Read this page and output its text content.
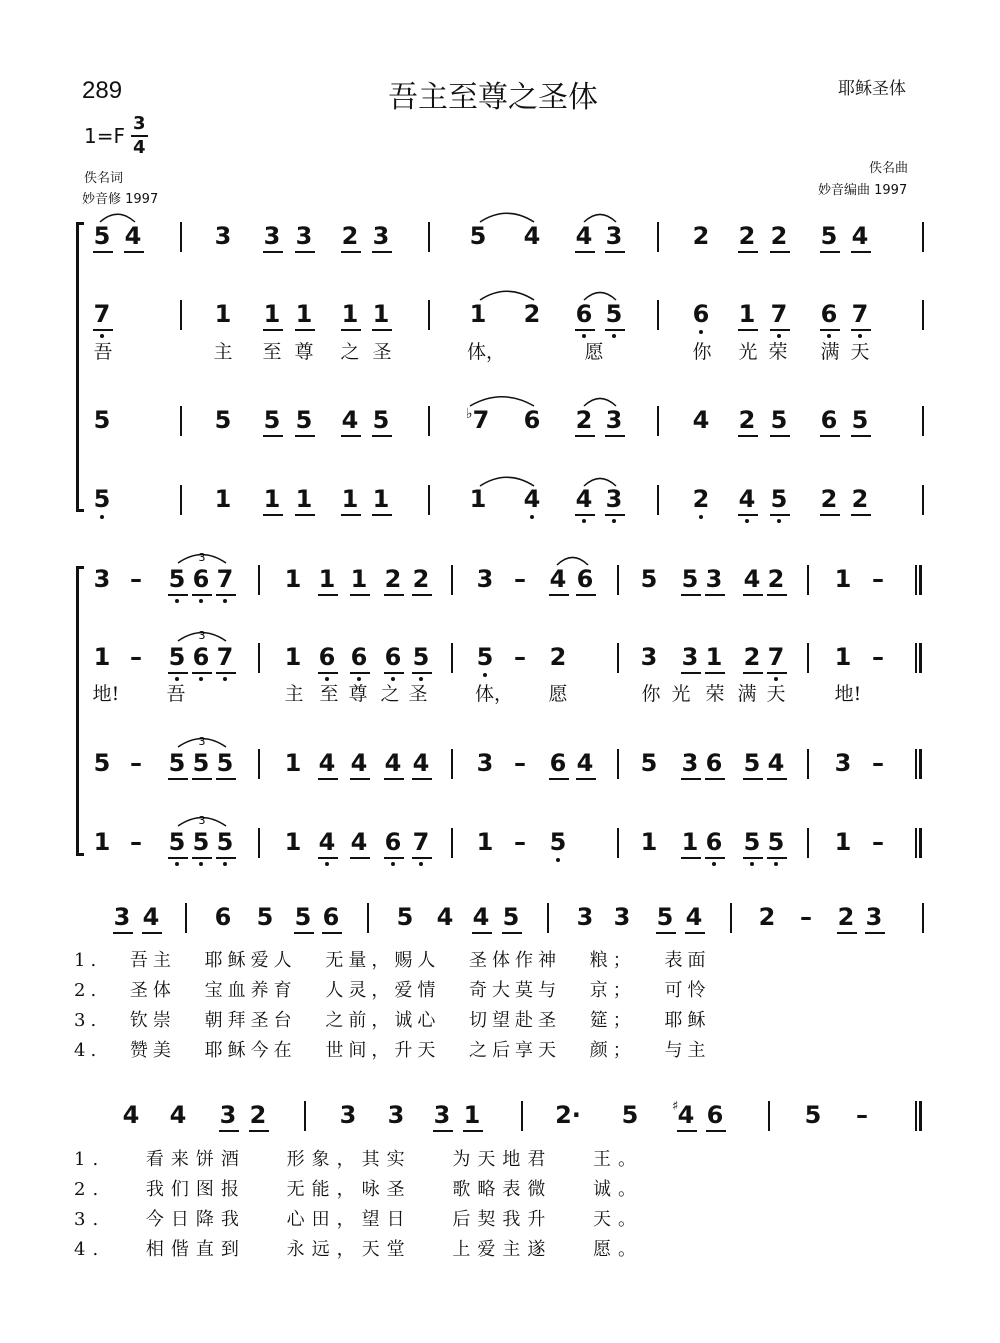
289	吾主至尊之圣体	耶稣圣体
1=F
3
4
佚名词
妙音修 1997
佚名曲
妙音编曲 1997
5 4	3 3 3 2 3	5 4 4 3	2 2 2 5 4
7	1 1 1 1 1	1 2 6 5	6 1 7 6 7
5	5 5 5 4 5	7 6 2 3	4 2 5 6 5
5	1 1 1 1 1	1 4 4 3	2 4 5 2 2
♭
3 – 5 6 7 1 1 1 2 2 3 – 4 6 5 5 3 4 2 1 –
1 – 5 6 7 1 6 6 6 5 5 – 2	3 3 1 2 7 1 –
5 – 5 5 5 1 4 4 4 4 3 – 6 4 5 3 6 5 4 3 –
1 – 5 5 5 1 4 4 6 7 1 – 5	1 1 6 5 5 1 –
3 4 6 5 5 6 5 4 4 5 3 3 5 4 2 – 2 3
4 4 3 2	3 3 3 1	2· 5 4 6	5 –
♯
3
3
3
3
吾	主 至 尊 之 圣	体，	愿	你 光 荣 满 天
地! 吾	主 至 尊 之 圣 体， 愿	你 光 荣 满 天	地!
1. 吾主 耶稣爱人 无量，赐人 圣体作神 粮； 表面
2. 圣体 宝血养育 人灵，爱情 奇大莫与 京； 可怜
3. 钦崇 朝拜圣台 之前，诚心 切望赴圣 筵； 耶稣
4. 赞美 耶稣今在 世间，升天 之后享天 颜； 与主
1. 看来饼酒 形象，其实 为天地君 王。
2. 我们图报 无能，咏圣 歌略表微 诚。
3. 今日降我 心田，望日 后契我升 天。
4. 相偕直到 永远，天堂 上爱主遂 愿。
